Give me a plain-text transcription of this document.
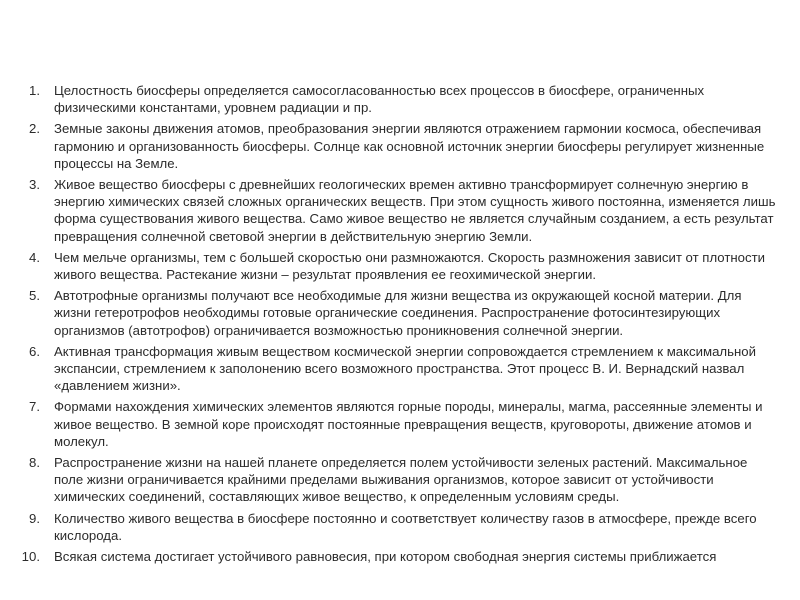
1.	Целостность биосферы определяется самосогласованностью всех процессов в биосфере, ограниченных физическими константами, уровнем радиации и пр.
2.	Земные законы движения атомов, преобразования энергии являются отражением гармонии космоса, обеспечивая гармонию и организованность биосферы. Солнце как основной источник энергии биосферы регулирует жизненные процессы на Земле.
3.	Живое вещество биосферы с древнейших геологических времен активно трансформирует солнечную энергию в энергию химических связей сложных органических веществ. При этом сущность живого постоянна, изменяется лишь форма существования живого вещества. Само живое вещество не является случайным созданием, а есть результат превращения солнечной световой энергии в действительную энергию Земли.
4.	Чем мельче организмы, тем с большей скоростью они размножаются. Скорость размножения зависит от плотности живого вещества. Растекание жизни – результат проявления ее геохимической энергии.
5.	Автотрофные организмы получают все необходимые для жизни вещества из окружающей косной материи. Для жизни гетеротрофов необходимы готовые органические соединения. Распространение фотосинтезирующих организмов (автотрофов) ограничивается возможностью проникновения солнечной энергии.
6.	Активная трансформация живым веществом космической энергии сопровождается стремлением к максимальной экспансии, стремлением к заполонению всего возможного пространства. Этот процесс В. И. Вернадский назвал «давлением жизни».
7.	Формами нахождения химических элементов являются горные породы, минералы, магма, рассеянные элементы и живое вещество. В земной коре происходят постоянные превращения веществ, круговороты, движение атомов и молекул.
8.	Распространение жизни на нашей планете определяется полем устойчивости зеленых растений. Максимальное поле жизни ограничивается крайними пределами выживания организмов, которое зависит от устойчивости химических соединений, составляющих живое вещество, к определенным условиям среды.
9.	Количество живого вещества в биосфере постоянно и соответствует количеству газов в атмосфере, прежде всего кислорода.
10.	Всякая система достигает устойчивого равновесия, при котором свободная энергия системы приближается
